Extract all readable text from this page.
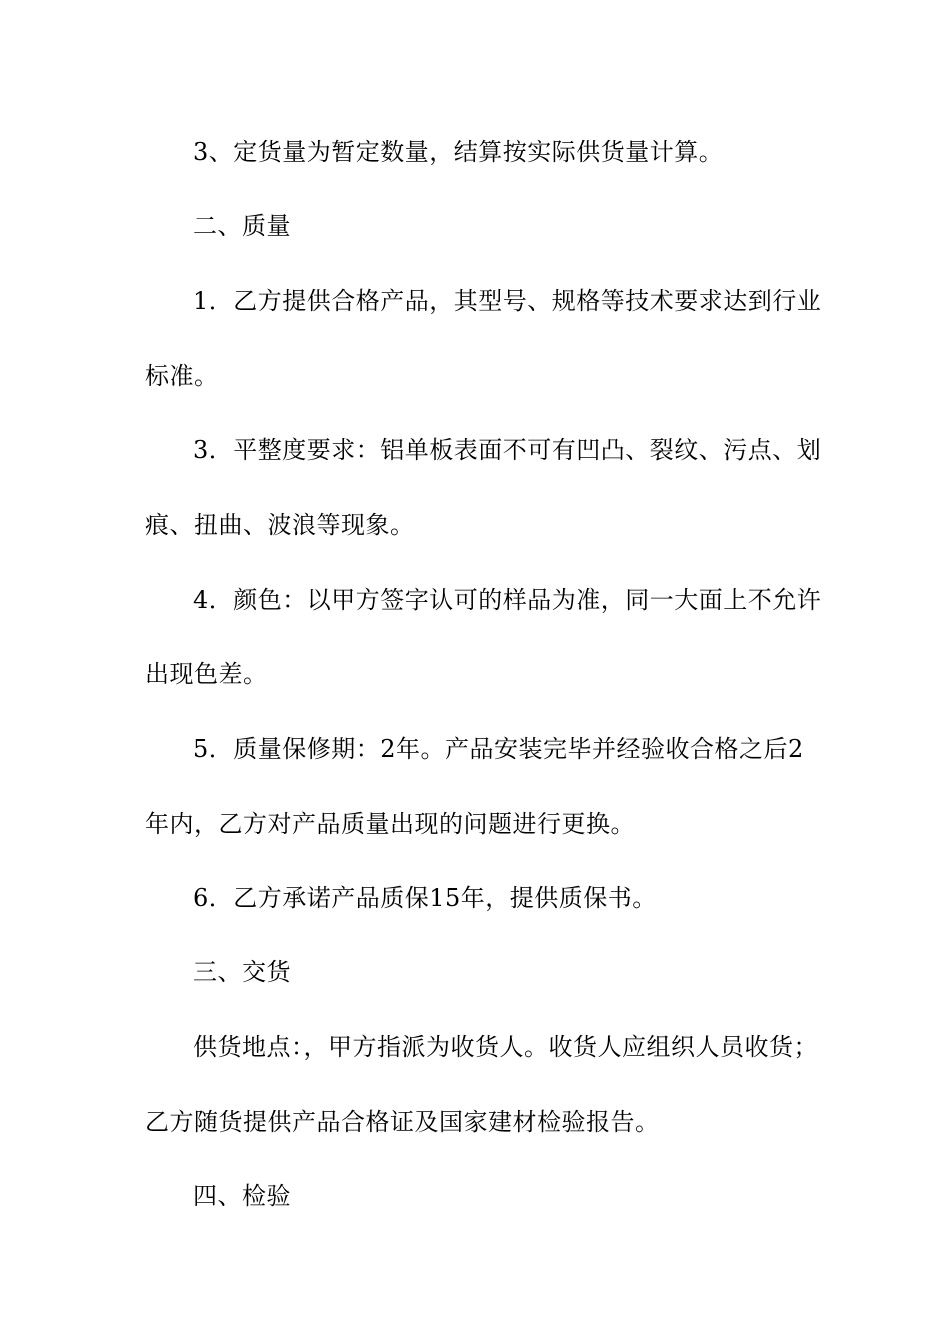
3、定货量为暂定数量，结算按实际供货量计算。
二、质量
1．乙方提供合格产品，其型号、规格等技术要求达到行业
标准。
3．平整度要求：铝单板表面不可有凹凸、裂纹、污点、划
痕、扭曲、波浪等现象。
4．颜色：以甲方签字认可的样品为准，同一大面上不允许
出现色差。
5．质量保修期：2年。产品安装完毕并经验收合格之后2
年内，乙方对产品质量出现的问题进行更换。
6．乙方承诺产品质保15年，提供质保书。
三、交货
供货地点：，甲方指派为收货人。收货人应组织人员收货；
乙方随货提供产品合格证及国家建材检验报告。
四、检验
